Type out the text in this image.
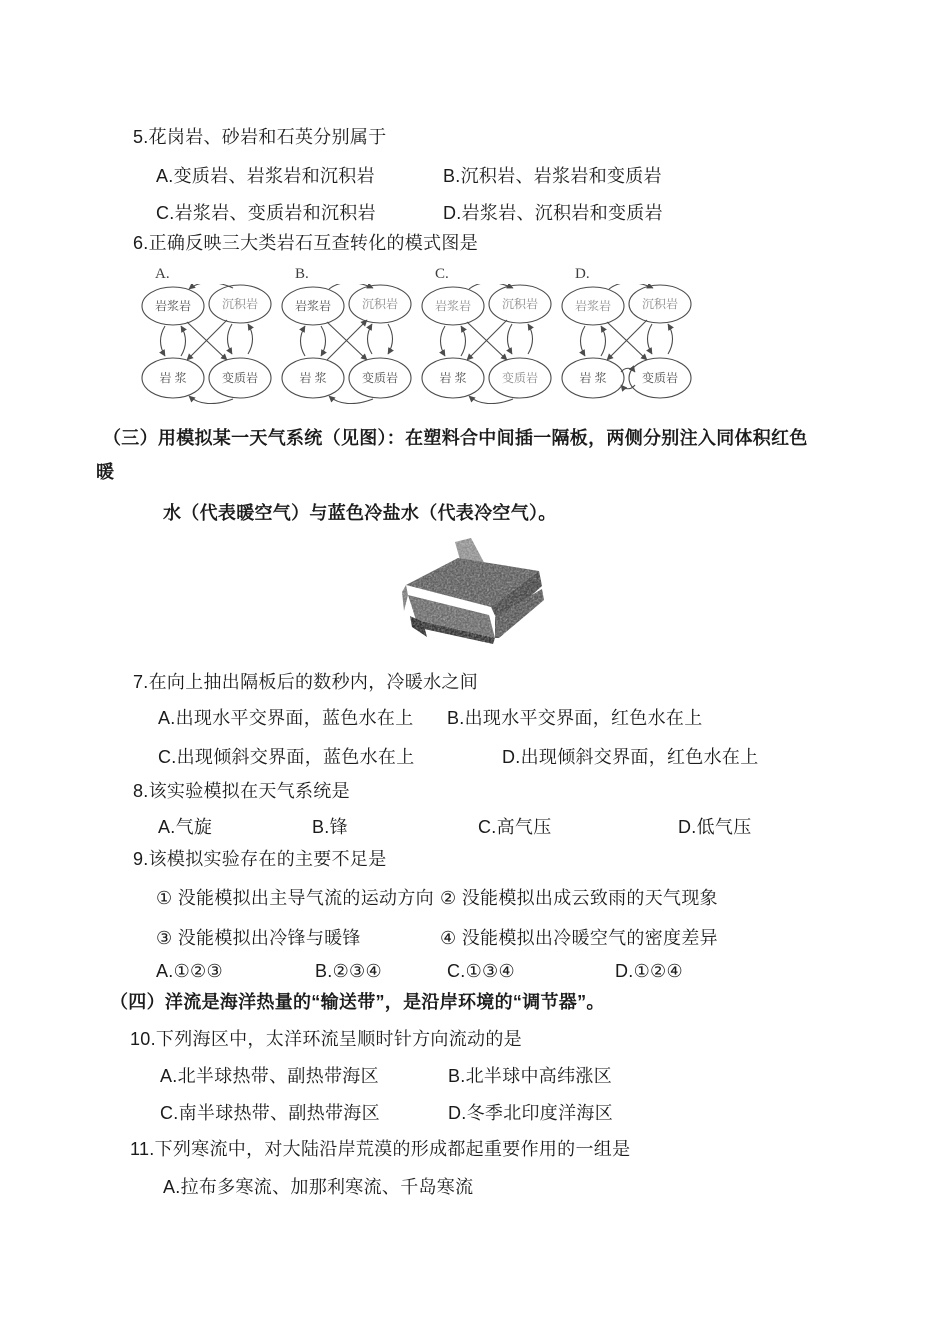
5.花岗岩、砂岩和石英分别属于
A.变质岩、岩浆岩和沉积岩	B.沉积岩、岩浆岩和变质岩
C.岩浆岩、变质岩和沉积岩	D.岩浆岩、沉积岩和变质岩
6.正确反映三大类岩石互查转化的模式图是
A.
岩浆岩	沉积岩
岩 浆	变质岩
B.
岩浆岩	沉积岩
岩 浆	变质岩
C.
岩浆岩	沉积岩
岩 浆	变质岩
D.
岩浆岩	沉积岩
岩 浆	变质岩
（三）用模拟某一天气系统（见图）：在塑料合中间插一隔板，两侧分别注入同体积红色
暖
水（代表暖空气）与蓝色冷盐水（代表冷空气）。
7.在向上抽出隔板后的数秒内，冷暖水之间
A.出现水平交界面，蓝色水在上 B.出现水平交界面，红色水在上
C.出现倾斜交界面，蓝色水在上	D.出现倾斜交界面，红色水在上
8.该实验模拟在天气系统是
A.气旋	B.锋	C.高气压	D.低气压
9.该模拟实验存在的主要不足是
① 没能模拟出主导气流的运动方向 ② 没能模拟出成云致雨的天气现象
③ 没能模拟出冷锋与暖锋	④ 没能模拟出冷暖空气的密度差异
A.①②③	B.②③④	C.①③④	D.①②④
（四）洋流是海洋热量的“输送带”，是沿岸环境的“调节器”。
10.下列海区中，太洋环流呈顺时针方向流动的是
A.北半球热带、副热带海区	B.北半球中高纬涨区
C.南半球热带、副热带海区	D.冬季北印度洋海区
11.下列寒流中，对大陆沿岸荒漠的形成都起重要作用的一组是
A.拉布多寒流、加那利寒流、千岛寒流
